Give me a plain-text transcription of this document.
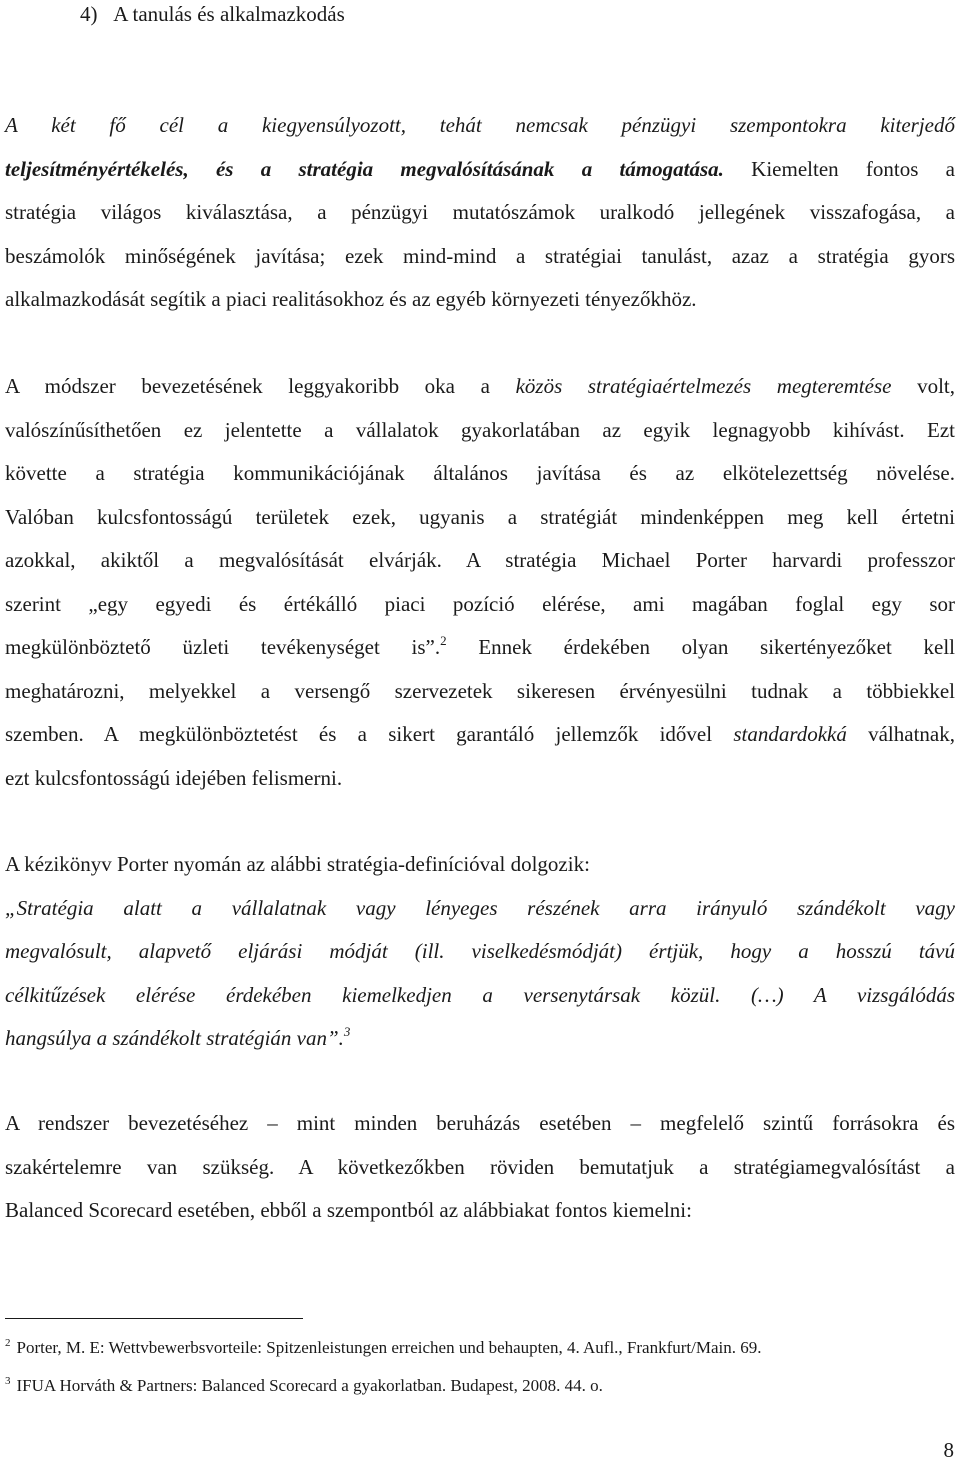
4)   A tanulás és alkalmazkodás
A két fő cél a kiegyensúlyozott, tehát nemcsak pénzügyi szempontokra kiterjedő
teljesítményértékelés, és a stratégia megvalósításának a támogatása. Kiemelten fontos a
stratégia világos kiválasztása, a pénzügyi mutatószámok uralkodó jellegének visszafogása, a
beszámolók minőségének javítása; ezek mind-mind a stratégiai tanulást, azaz a stratégia gyors
alkalmazkodását segítik a piaci realitásokhoz és az egyéb környezeti tényezőkhöz.
A módszer bevezetésének leggyakoribb oka a közös stratégiaértelmezés megteremtése volt,
valószínűsíthetően ez jelentette a vállalatok gyakorlatában az egyik legnagyobb kihívást. Ezt
követte a stratégia kommunikációjának általános javítása és az elkötelezettség növelése.
Valóban kulcsfontosságú területek ezek, ugyanis a stratégiát mindenképpen meg kell értetni
azokkal, akiktől a megvalósítását elvárják. A stratégia Michael Porter harvardi professzor
szerint „egy egyedi és értékálló piaci pozíció elérése, ami magában foglal egy sor
megkülönböztető üzleti tevékenységet is”.$^2$ Ennek érdekében olyan sikertényezőket kell
meghatározni, melyekkel a versengő szervezetek sikeresen érvényesülni tudnak a többiekkel
szemben. A megkülönböztetést és a sikert garantáló jellemzők idővel standardokká válhatnak,
ezt kulcsfontosságú idejében felismerni.
A kézikönyv Porter nyomán az alábbi stratégia-definícióval dolgozik:
„Stratégia alatt a vállalatnak vagy lényeges részének arra irányuló szándékolt vagy
megvalósult, alapvető eljárási módját (ill. viselkedésmódját) értjük, hogy a hosszú távú
célkitűzések elérése érdekében kiemelkedjen a versenytársak közül. (…) A vizsgálódás
hangsúlya a szándékolt stratégián van”.$^3$
A rendszer bevezetéséhez – mint minden beruházás esetében – megfelelő szintű forrásokra és
szakértelemre van szükség. A következőkben röviden bemutatjuk a stratégiamegvalósítást a
Balanced Scorecard esetében, ebből a szempontból az alábbiakat fontos kiemelni:
$^2$ Porter, M. E: Wettvbewerbsvorteile: Spitzenleistungen erreichen und behaupten, 4. Aufl., Frankfurt/Main. 69.
$^3$ IFUA Horváth & Partners: Balanced Scorecard a gyakorlatban. Budapest, 2008. 44. o.
8
